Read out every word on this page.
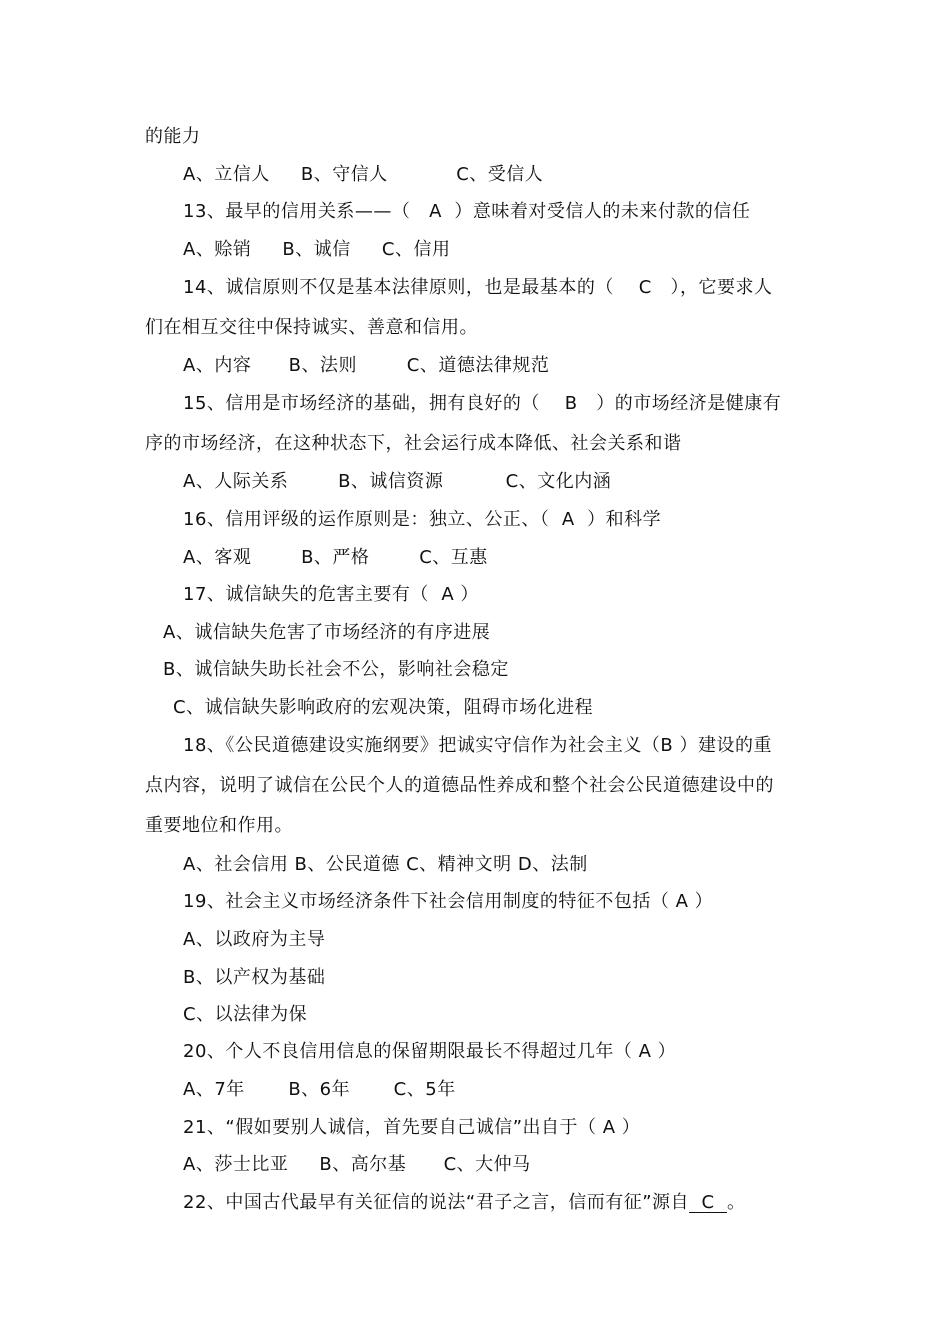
的能力
A、立信人     B、守信人           C、受信人
13、最早的信用关系——（   A  ）意味着对受信人的未来付款的信任
A、赊销     B、诚信     C、信用
14、诚信原则不仅是基本法律原则，也是最基本的（    C   ），它要求人
们在相互交往中保持诚实、善意和信用。
A、内容      B、法则        C、道德法律规范
15、信用是市场经济的基础，拥有良好的（    B   ）的市场经济是健康有
序的市场经济，在这种状态下，社会运行成本降低、社会关系和谐
A、人际关系        B、诚信资源          C、文化内涵
16、信用评级的运作原则是：独立、公正、（  A  ）和科学
A、客观        B、严格        C、互惠
17、诚信缺失的危害主要有（  A ）
A、诚信缺失危害了市场经济的有序进展
B、诚信缺失助长社会不公，影响社会稳定
C、诚信缺失影响政府的宏观决策，阻碍市场化进程
18、《公民道德建设实施纲要》把诚实守信作为社会主义（B ）建设的重
点内容，说明了诚信在公民个人的道德品性养成和整个社会公民道德建设中的
重要地位和作用。
A、社会信用 B、公民道德 C、精神文明 D、法制
19、社会主义市场经济条件下社会信用制度的特征不包括（ A ）
A、以政府为主导
B、以产权为基础
C、以法律为保
20、个人不良信用信息的保留期限最长不得超过几年（ A ）
A、7年       B、6年       C、5年
21、“假如要别人诚信，首先要自己诚信”出自于（ A ）
A、莎士比亚     B、高尔基      C、大仲马
22、中国古代最早有关征信的说法“君子之言，信而有征”源自  C  。
